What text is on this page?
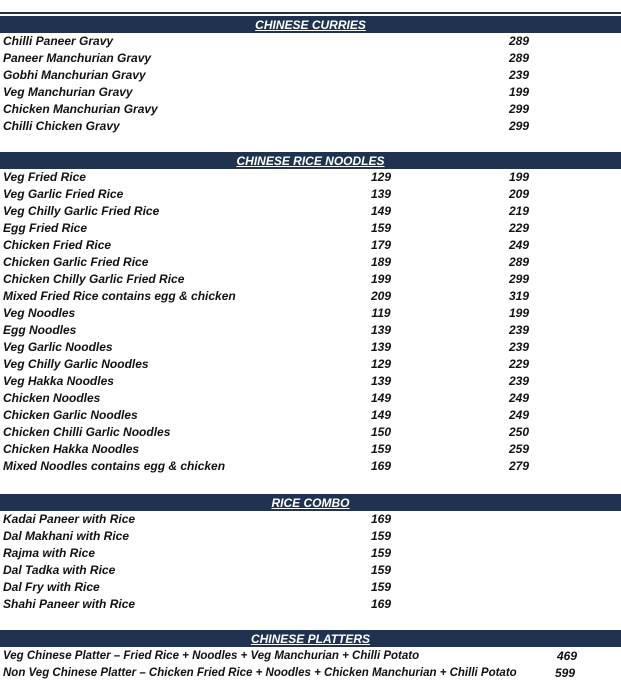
CHINESE CURRIES
Chilli Paneer Gravy	289
Paneer Manchurian Gravy	289
Gobhi Manchurian Gravy	239
Veg Manchurian Gravy	199
Chicken Manchurian Gravy	299
Chilli Chicken Gravy	299
CHINESE RICE NOODLES
Veg Fried Rice	129	199
Veg Garlic Fried Rice	139	209
Veg Chilly Garlic Fried Rice	149	219
Egg Fried Rice	159	229
Chicken Fried Rice	179	249
Chicken Garlic Fried Rice	189	289
Chicken Chilly Garlic Fried Rice	199	299
Mixed Fried Rice contains egg & chicken	209	319
Veg Noodles	119	199
Egg Noodles	139	239
Veg Garlic Noodles	139	239
Veg Chilly Garlic Noodles	129	229
Veg Hakka Noodles	139	239
Chicken Noodles	149	249
Chicken Garlic Noodles	149	249
Chicken Chilli Garlic Noodles	150	250
Chicken Hakka Noodles	159	259
Mixed Noodles contains egg & chicken	169	279
RICE COMBO
Kadai Paneer with Rice	169
Dal Makhani with Rice	159
Rajma with Rice	159
Dal Tadka with Rice	159
Dal Fry with Rice	159
Shahi Paneer with Rice	169
CHINESE PLATTERS
Veg Chinese Platter – Fried Rice + Noodles + Veg Manchurian + Chilli Potato	469
Non Veg Chinese Platter – Chicken Fried Rice + Noodles + Chicken Manchurian + Chilli Potato	599
